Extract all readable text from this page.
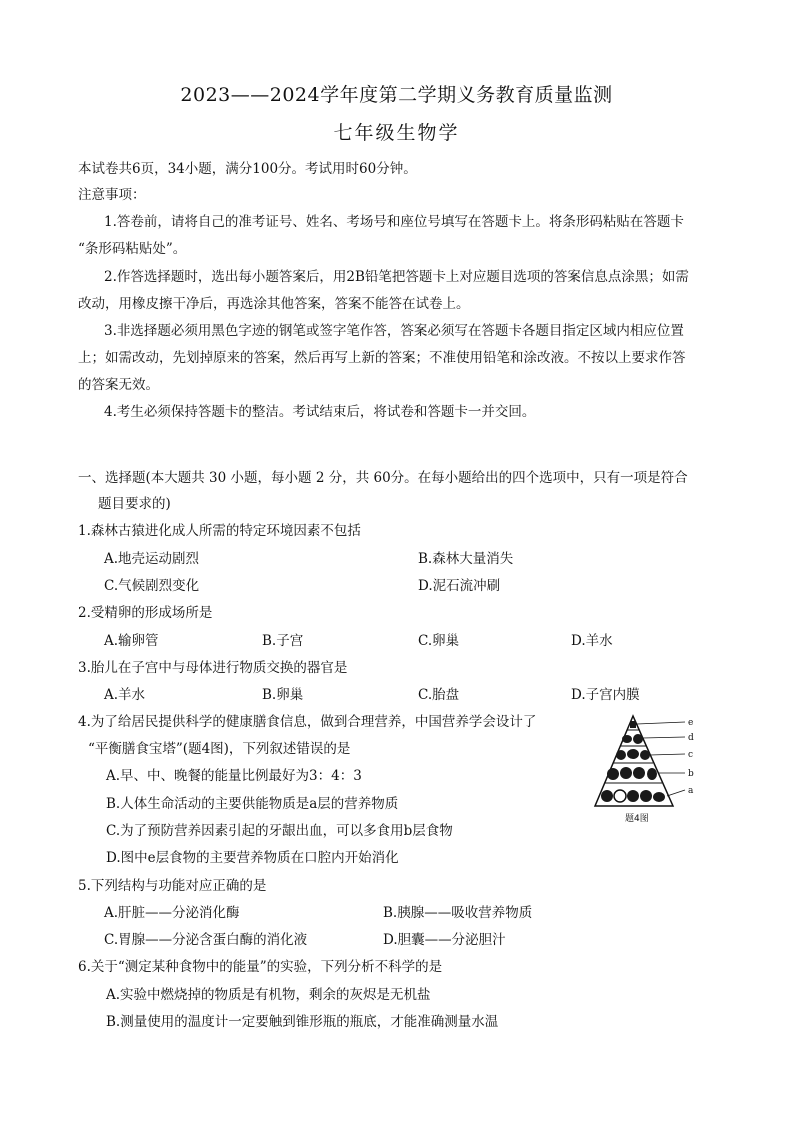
2023——2024学年度第二学期义务教育质量监测
七年级生物学
本试卷共6页，34小题，满分100分。考试用时60分钟。
注意事项：
1.答卷前，请将自己的准考证号、姓名、考场号和座位号填写在答题卡上。将条形码粘贴在答题卡
“条形码粘贴处”。
2.作答选择题时，选出每小题答案后，用2B铅笔把答题卡上对应题目选项的答案信息点涂黑；如需
改动，用橡皮擦干净后，再选涂其他答案，答案不能答在试卷上。
3.非选择题必须用黑色字迹的钢笔或签字笔作答，答案必须写在答题卡各题目指定区域内相应位置
上；如需改动，先划掉原来的答案，然后再写上新的答案；不准使用铅笔和涂改液。不按以上要求作答
的答案无效。
4.考生必须保持答题卡的整洁。考试结束后，将试卷和答题卡一并交回。
一、选择题(本大题共 30 小题，每小题 2 分，共 60分。在每小题给出的四个选项中，只有一项是符合
题目要求的)
1.森林古猿进化成人所需的特定环境因素不包括
A.地壳运动剧烈	B.森林大量消失
C.气候剧烈变化	D.泥石流冲刷
2.受精卵的形成场所是
A.输卵管	B.子宫	C.卵巢	D.羊水
3.胎儿在子宫中与母体进行物质交换的器官是
A.羊水	B.卵巢	C.胎盘	D.子宫内膜
4.为了给居民提供科学的健康膳食信息，做到合理营养，中国营养学会设计了
“平衡膳食宝塔”(题4图)，下列叙述错误的是
A.早、中、晚餐的能量比例最好为3：4：3
B.人体生命活动的主要供能物质是a层的营养物质
C.为了预防营养因素引起的牙龈出血，可以多食用b层食物
D.图中e层食物的主要营养物质在口腔内开始消化
e
d
c
b
a
题4图
5.下列结构与功能对应正确的是
A.肝脏——分泌消化酶	B.胰腺——吸收营养物质
C.胃腺——分泌含蛋白酶的消化液	D.胆囊——分泌胆汁
6.关于“测定某种食物中的能量”的实验，下列分析不科学的是
A.实验中燃烧掉的物质是有机物，剩余的灰烬是无机盐
B.测量使用的温度计一定要触到锥形瓶的瓶底，才能准确测量水温
